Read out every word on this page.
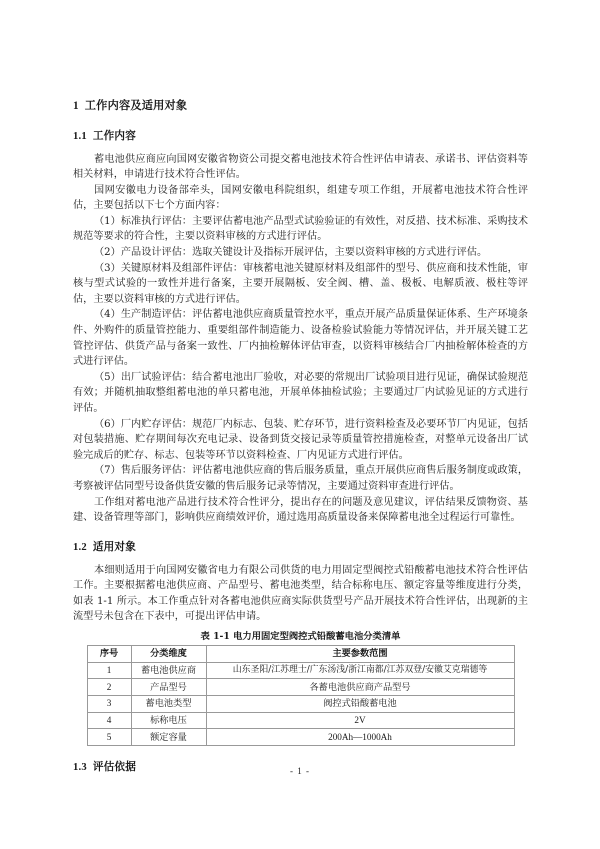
1 工作内容及适用对象
1.1 工作内容

蓄电池供应商应向国网安徽省物资公司提交蓄电池技术符合性评估申请表、承诺书、评估资料等相关材料，申请进行技术符合性评估。

国网安徽电力设备部牵头，国网安徽电科院组织，组建专项工作组，开展蓄电池技术符合性评估，主要包括以下七个方面内容：

（1）标准执行评估：主要评估蓄电池产品型式试验验证的有效性，对反措、技术标准、采购技术规范等要求的符合性，主要以资料审核的方式进行评估。

（2）产品设计评估：选取关键设计及指标开展评估，主要以资料审核的方式进行评估。

（3）关键原材料及组部件评估：审核蓄电池关键原材料及组部件的型号、供应商和技术性能，审核与型式试验的一致性并进行备案，主要开展隔板、安全阀、槽、盖、极板、电解质液、极柱等评估，主要以资料审核的方式进行评估。

（4）生产制造评估：评估蓄电池供应商质量管控水平，重点开展产品质量保证体系、生产环境条件、外购件的质量管控能力、重要组部件制造能力、设备检验试验能力等情况评估，并开展关键工艺管控评估、供货产品与备案一致性、厂内抽检解体评估审查，以资料审核结合厂内抽检解体检查的方式进行评估。

（5）出厂试验评估：结合蓄电池出厂验收，对必要的常规出厂试验项目进行见证，确保试验规范有效；并随机抽取整组蓄电池的单只蓄电池，开展单体抽检试验；主要通过厂内试验见证的方式进行评估。

（6）厂内贮存评估：规范厂内标志、包装、贮存环节，进行资料检查及必要环节厂内见证，包括对包装措施、贮存期间每次充电记录、设备到货交接记录等质量管控措施检查，对整单元设备出厂试验完成后的贮存、标志、包装等环节以资料检查、厂内见证方式进行评估。

（7）售后服务评估：评估蓄电池供应商的售后服务质量，重点开展供应商售后服务制度或政策，考察被评估同型号设备供货安徽的售后服务记录等情况，主要通过资料审查进行评估。

工作组对蓄电池产品进行技术符合性评分，提出存在的问题及意见建议，评估结果反馈物资、基建、设备管理等部门，影响供应商绩效评价，通过选用高质量设备来保障蓄电池全过程运行可靠性。

1.2 适用对象

本细则适用于向国网安徽省电力有限公司供货的电力用固定型阀控式铅酸蓄电池技术符合性评估工作。主要根据蓄电池供应商、产品型号、蓄电池类型，结合标称电压、额定容量等维度进行分类，如表 1-1 所示。本工作重点针对各蓄电池供应商实际供货型号产品开展技术符合性评估，出现新的主流型号未包含在下表中，可提出评估申请。

表 1-1 电力用固定型阀控式铅酸蓄电池分类清单
序号	分类维度	主要参数范围
1	蓄电池供应商	山东圣阳/江苏理士/广东汤浅/浙江南都/江苏双登/安徽艾克瑞德等
2	产品型号	各蓄电池供应商产品型号
3	蓄电池类型	阀控式铅酸蓄电池
4	标称电压	2V
5	额定容量	200Ah—1000Ah
1.3 评估依据	- 1 -
